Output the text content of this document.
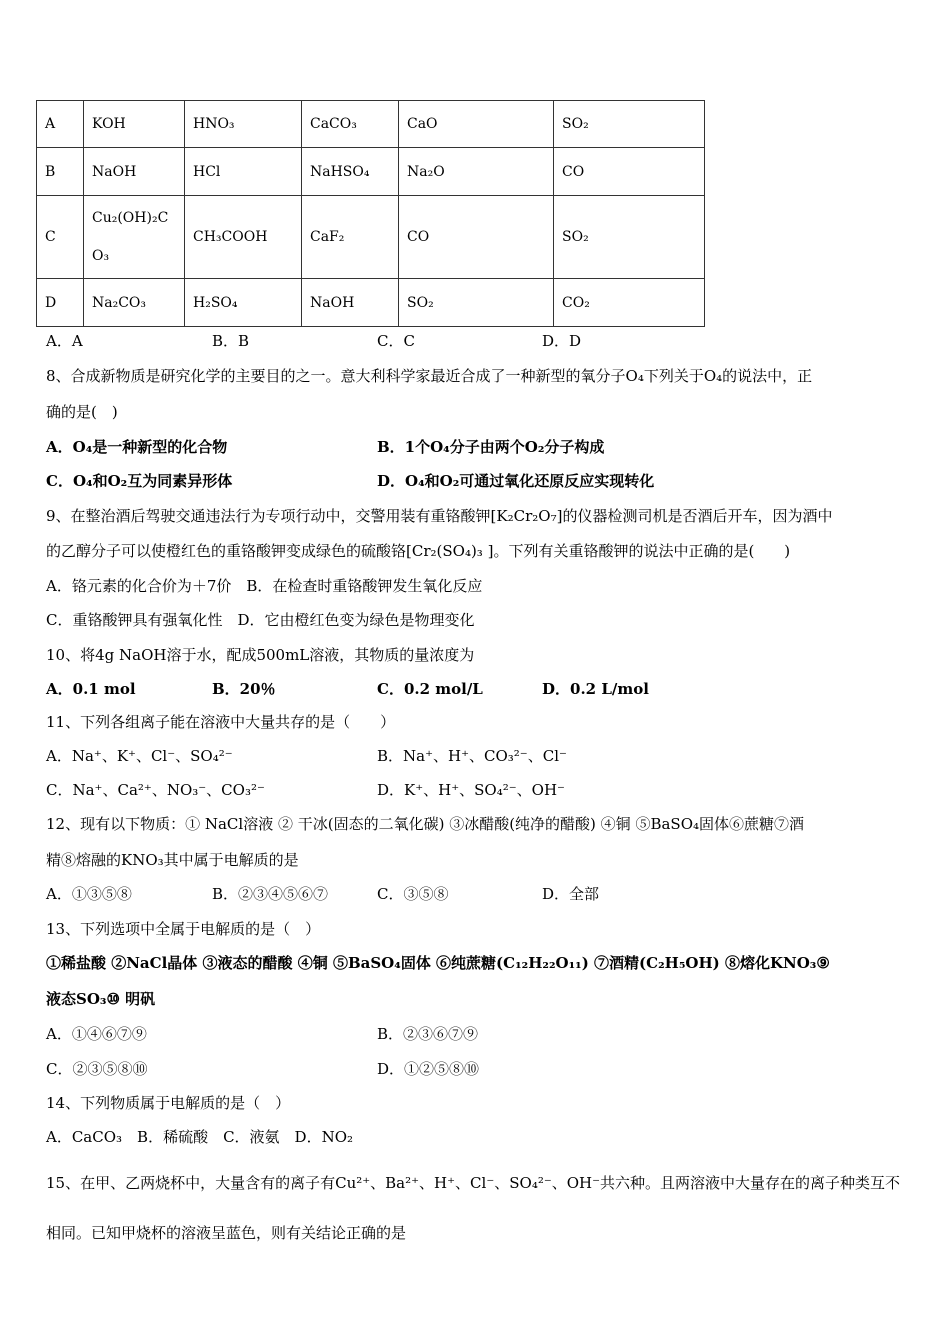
A	KOH	HNO₃	CaCO₃	CaO	SO₂
B	NaOH	HCl	NaHSO₄	Na₂O	CO
C	Cu₂(OH)₂CO₃	CH₃COOH	CaF₂	CO	SO₂
D	Na₂CO₃	H₂SO₄	NaOH	SO₂	CO₂
A．A	B．B	C．C	D．D
8、合成新物质是研究化学的主要目的之一。意大利科学家最近合成了一种新型的氧分子O₄下列关于O₄的说法中，正
确的是(　)
A．O₄是一种新型的化合物	B．1个O₄分子由两个O₂分子构成
C．O₄和O₂互为同素异形体	D．O₄和O₂可通过氧化还原反应实现转化
9、在整治酒后驾驶交通违法行为专项行动中，交警用装有重铬酸钾[K₂Cr₂O₇]的仪器检测司机是否酒后开车，因为酒中
的乙醇分子可以使橙红色的重铬酸钾变成绿色的硫酸铬[Cr₂(SO₄)₃ ]。下列有关重铬酸钾的说法中正确的是(　　)
A．铬元素的化合价为＋7价　B．在检查时重铬酸钾发生氧化反应
C．重铬酸钾具有强氧化性　D．它由橙红色变为绿色是物理变化
10、将4g NaOH溶于水，配成500mL溶液，其物质的量浓度为
A．0.1 mol	B．20％	C．0.2 mol/L	D．0.2 L/mol
11、下列各组离子能在溶液中大量共存的是（　　）
A．Na⁺、K⁺、Cl⁻、SO₄²⁻	B．Na⁺、H⁺、CO₃²⁻、Cl⁻
C．Na⁺、Ca²⁺、NO₃⁻、CO₃²⁻	D．K⁺、H⁺、SO₄²⁻、OH⁻
12、现有以下物质：① NaCl溶液 ② 干冰(固态的二氧化碳) ③冰醋酸(纯净的醋酸) ④铜 ⑤BaSO₄固体⑥蔗糖⑦酒
精⑧熔融的KNO₃其中属于电解质的是
A．①③⑤⑧	B．②③④⑤⑥⑦	C．③⑤⑧	D．全部
13、下列选项中全属于电解质的是（　）
①稀盐酸 ②NaCl晶体 ③液态的醋酸 ④铜 ⑤BaSO₄固体 ⑥纯蔗糖(C₁₂H₂₂O₁₁) ⑦酒精(C₂H₅OH) ⑧熔化KNO₃⑨
液态SO₃⑩ 明矾
A．①④⑥⑦⑨	B．②③⑥⑦⑨
C．②③⑤⑧⑩	D．①②⑤⑧⑩
14、下列物质属于电解质的是（　）
A．CaCO₃　B．稀硫酸　C．液氨　D．NO₂
15、在甲、乙两烧杯中，大量含有的离子有Cu²⁺、Ba²⁺、H⁺、Cl⁻、SO₄²⁻、OH⁻共六种。且两溶液中大量存在的离子种类互不
相同。已知甲烧杯的溶液呈蓝色，则有关结论正确的是
